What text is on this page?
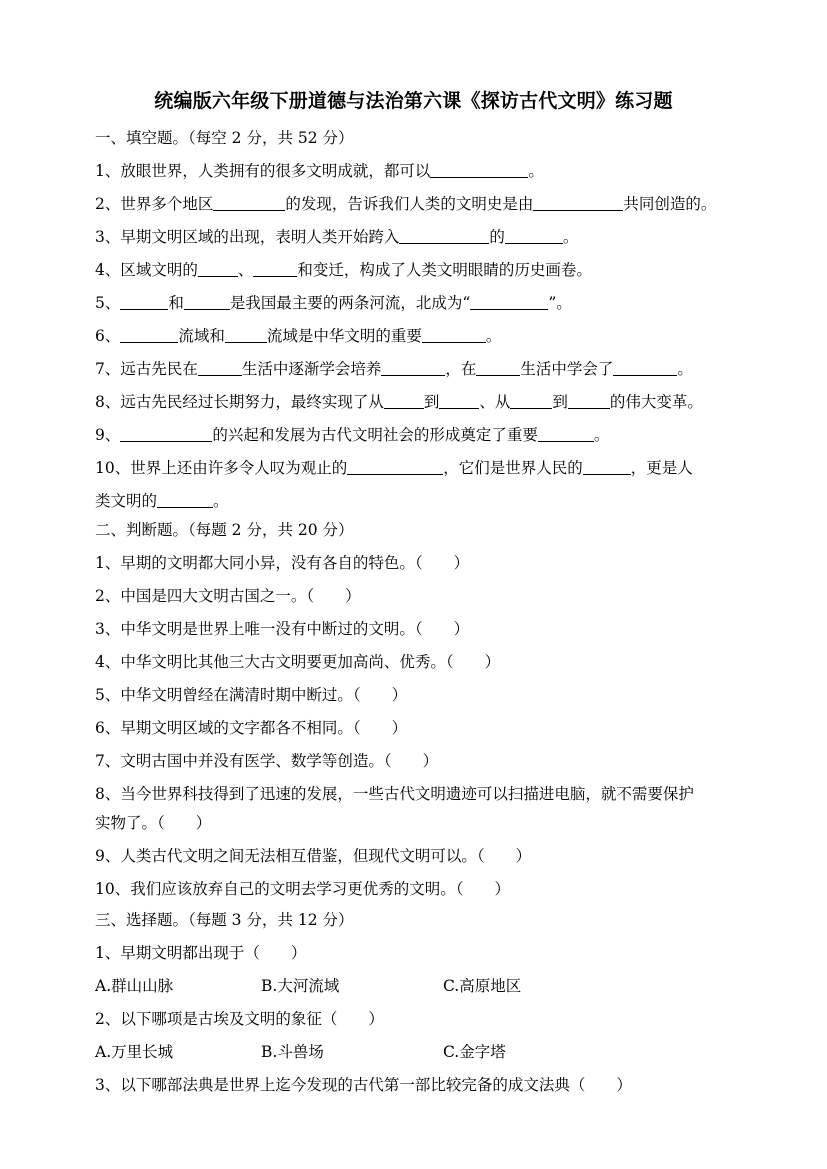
统编版六年级下册道德与法治第六课《探访古代文明》练习题
一、填空题。（每空 2 分，共 52 分）
1、放眼世界，人类拥有的很多文明成就，都可以	。
2、世界多个地区	的发现，告诉我们人类的文明史是由	共同创造的。
3、早期文明区域的出现，表明人类开始跨入	的	。
4、区域文明的	、	和变迁，构成了人类文明眼睛的历史画卷。
5、	和	是我国最主要的两条河流，北成为“	”。
6、	流域和	流域是中华文明的重要	。
7、远古先民在	生活中逐渐学会培养	，在	生活中学会了	。
8、远古先民经过长期努力，最终实现了从	到	、从	到	的伟大变革。
9、	的兴起和发展为古代文明社会的形成奠定了重要	。
10、世界上还由许多令人叹为观止的	，它们是世界人民的	，更是人
类文明的	。
二、判断题。（每题 2 分，共 20 分）
1、早期的文明都大同小异，没有各自的特色。（　　）
2、中国是四大文明古国之一。（　　）
3、中华文明是世界上唯一没有中断过的文明。（　　）
4、中华文明比其他三大古文明要更加高尚、优秀。（　　）
5、中华文明曾经在满清时期中断过。（　　）
6、早期文明区域的文字都各不相同。（　　）
7、文明古国中并没有医学、数学等创造。（　　）
8、当今世界科技得到了迅速的发展，一些古代文明遗迹可以扫描进电脑，就不需要保护
实物了。（　　）
9、人类古代文明之间无法相互借鉴，但现代文明可以。（　　）
10、我们应该放弃自己的文明去学习更优秀的文明。（　　）
三、选择题。（每题 3 分，共 12 分）
1、早期文明都出现于（　　）
A.群山山脉	B.大河流域	C.高原地区
2、以下哪项是古埃及文明的象征（　　）
A.万里长城	B.斗兽场	C.金字塔
3、以下哪部法典是世界上迄今发现的古代第一部比较完备的成文法典（　　）
